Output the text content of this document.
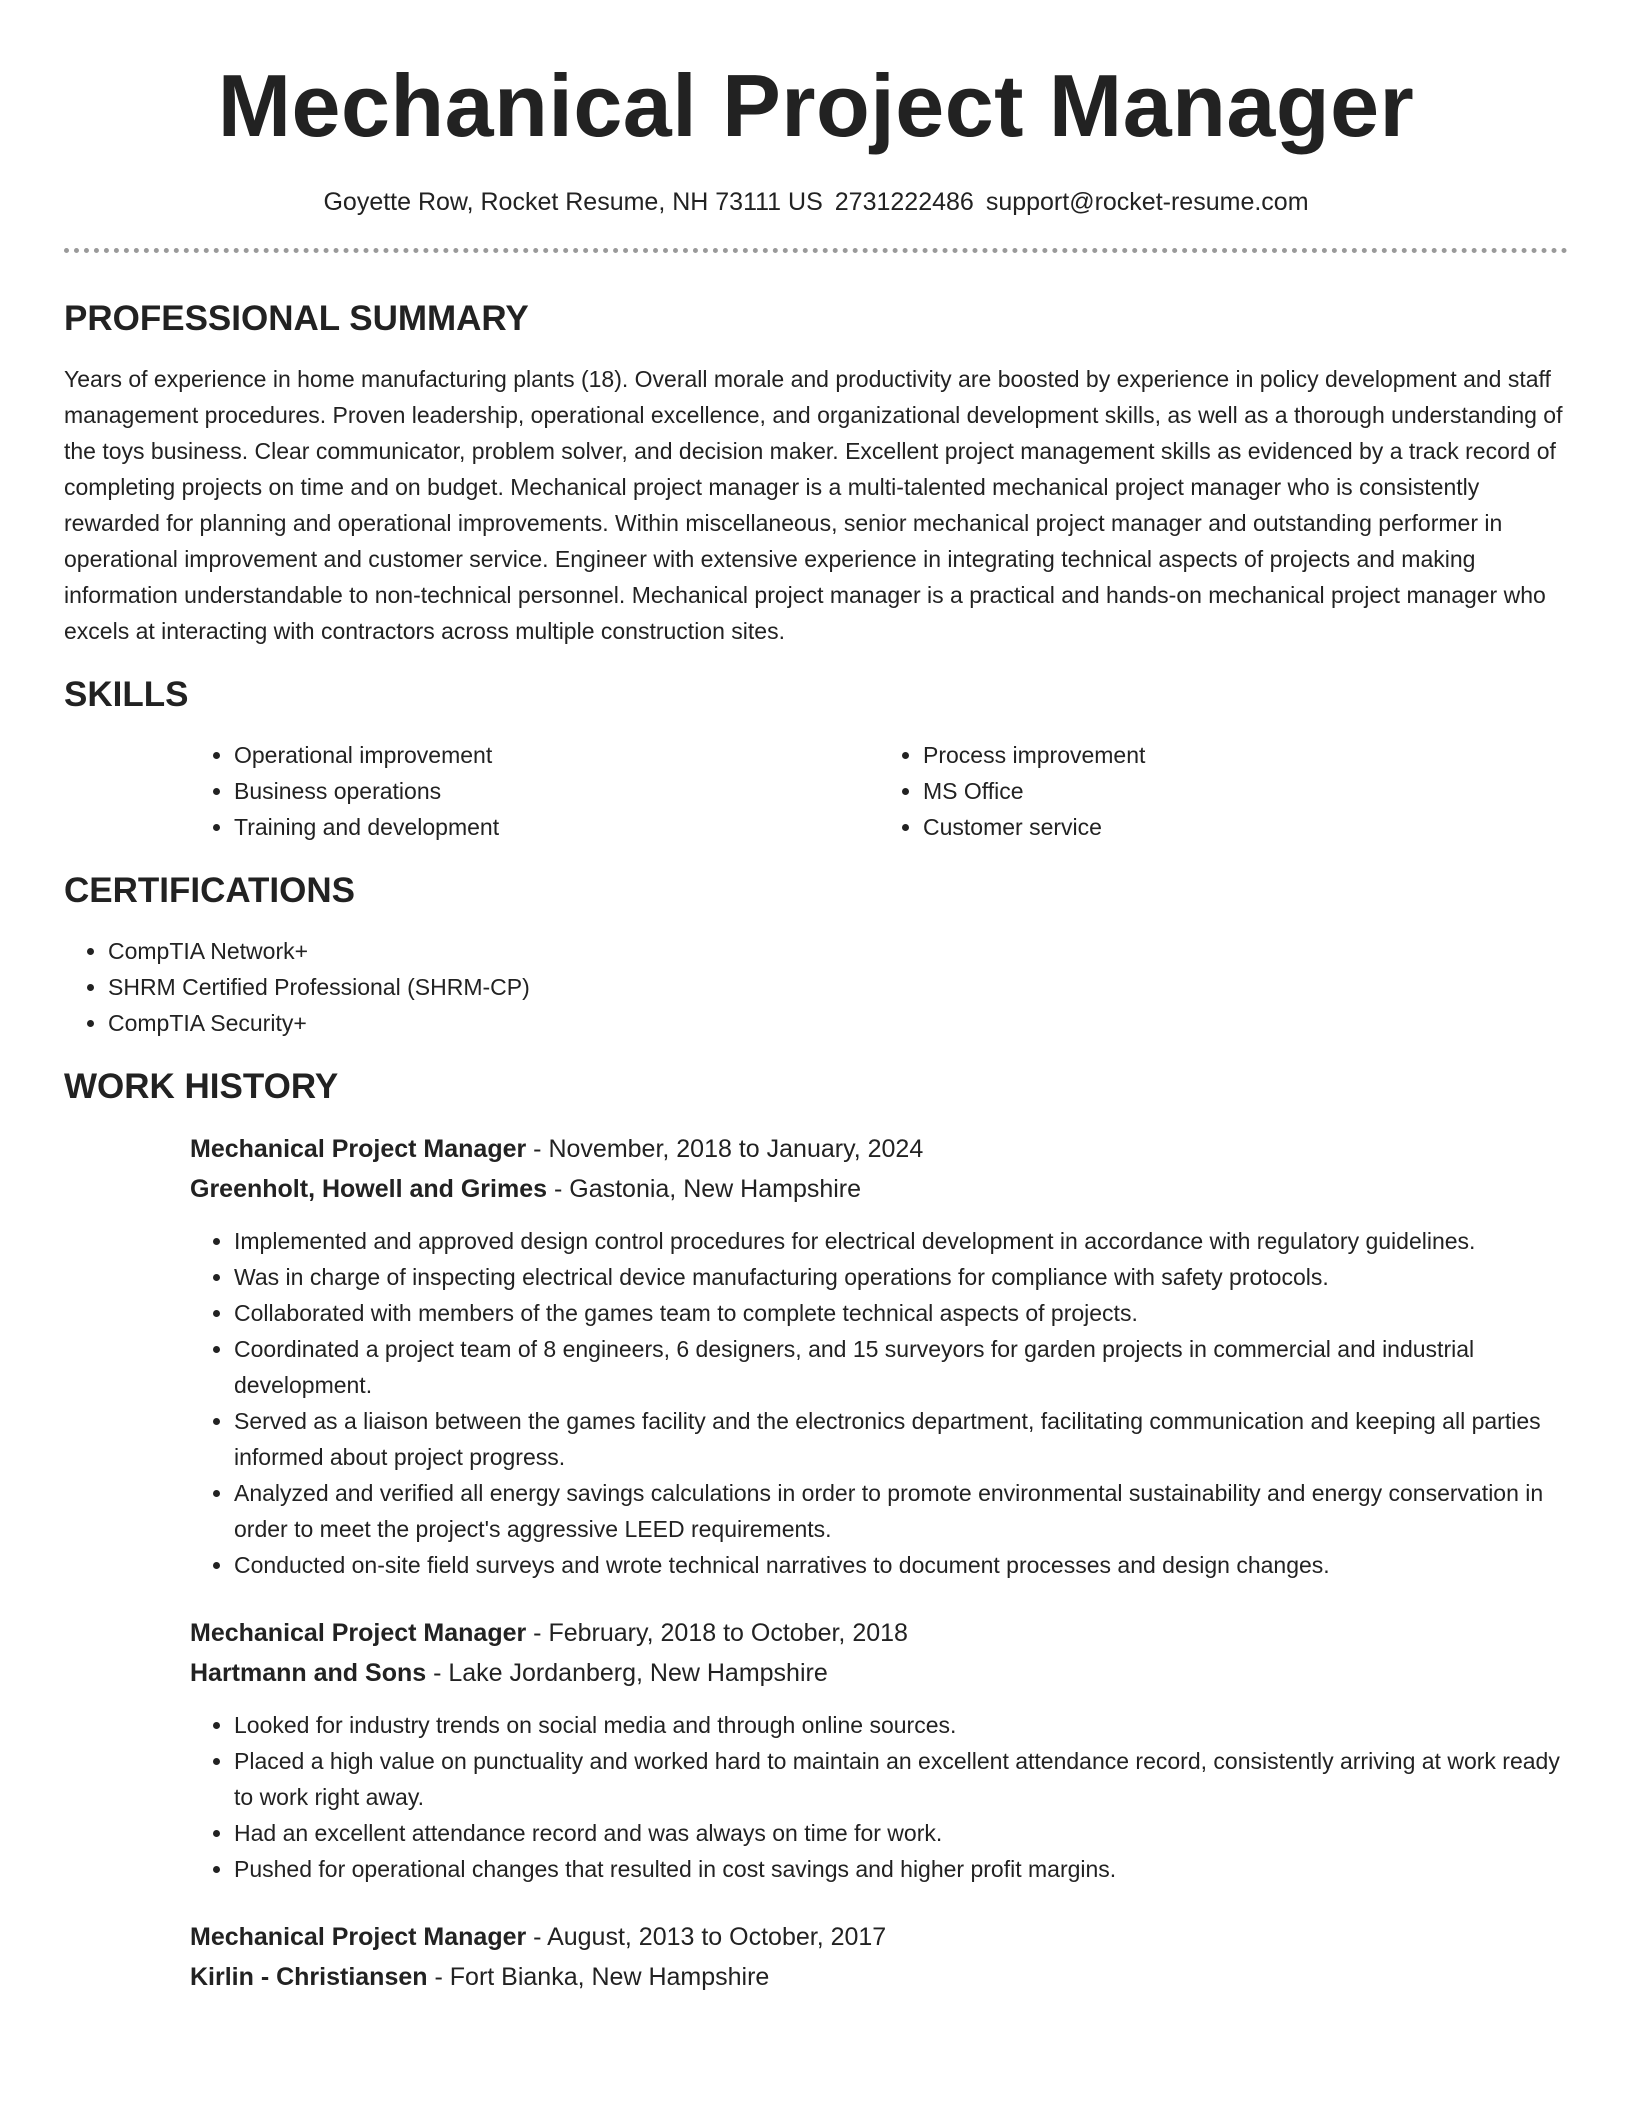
Mechanical Project Manager
Goyette Row, Rocket Resume, NH 73111 US 2731222486 support@rocket-resume.com
PROFESSIONAL SUMMARY

Years of experience in home manufacturing plants (18). Overall morale and productivity are boosted by experience in policy development and staff management procedures. Proven leadership, operational excellence, and organizational development skills, as well as a thorough understanding of the toys business. Clear communicator, problem solver, and decision maker. Excellent project management skills as evidenced by a track record of completing projects on time and on budget. Mechanical project manager is a multi-talented mechanical project manager who is consistently rewarded for planning and operational improvements. Within miscellaneous, senior mechanical project manager and outstanding performer in operational improvement and customer service. Engineer with extensive experience in integrating technical aspects of projects and making information understandable to non-technical personnel. Mechanical project manager is a practical and hands-on mechanical project manager who excels at interacting with contractors across multiple construction sites.

SKILLS
• Operational improvement
• Business operations
• Training and development
• Process improvement
• MS Office
• Customer service
CERTIFICATIONS
• CompTIA Network+
• SHRM Certified Professional (SHRM-CP)
• CompTIA Security+
WORK HISTORY
Mechanical Project Manager - November, 2018 to January, 2024
Greenholt, Howell and Grimes - Gastonia, New Hampshire
• Implemented and approved design control procedures for electrical development in accordance with regulatory guidelines.
• Was in charge of inspecting electrical device manufacturing operations for compliance with safety protocols.
• Collaborated with members of the games team to complete technical aspects of projects.
• Coordinated a project team of 8 engineers, 6 designers, and 15 surveyors for garden projects in commercial and industrial development.
• Served as a liaison between the games facility and the electronics department, facilitating communication and keeping all parties informed about project progress.
• Analyzed and verified all energy savings calculations in order to promote environmental sustainability and energy conservation in order to meet the project's aggressive LEED requirements.
• Conducted on-site field surveys and wrote technical narratives to document processes and design changes.
Mechanical Project Manager - February, 2018 to October, 2018
Hartmann and Sons - Lake Jordanberg, New Hampshire
• Looked for industry trends on social media and through online sources.
• Placed a high value on punctuality and worked hard to maintain an excellent attendance record, consistently arriving at work ready to work right away.
• Had an excellent attendance record and was always on time for work.
• Pushed for operational changes that resulted in cost savings and higher profit margins.
Mechanical Project Manager - August, 2013 to October, 2017
Kirlin - Christiansen - Fort Bianka, New Hampshire
